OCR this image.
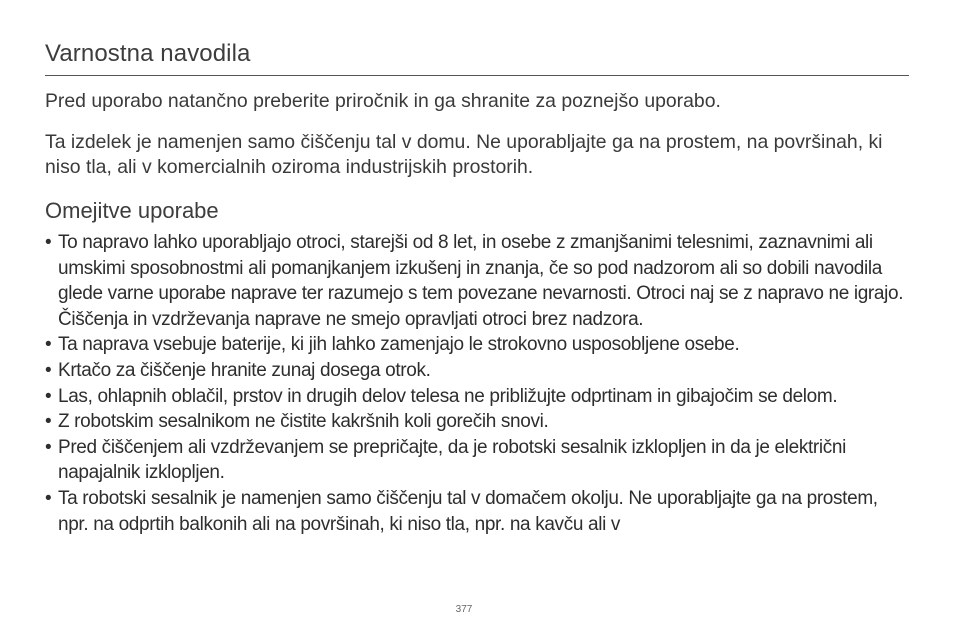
Varnostna navodila

Pred uporabo natančno preberite priročnik in ga shranite za poznejšo uporabo.

Ta izdelek je namenjen samo čiščenju tal v domu. Ne uporabljajte ga na prostem, na površinah, ki niso tla, ali v komercialnih oziroma industrijskih prostorih.

Omejitve uporabe
• To napravo lahko uporabljajo otroci, starejši od 8 let, in osebe z zmanjšanimi telesnimi, zaznavnimi ali umskimi sposobnostmi ali pomanjkanjem izkušenj in znanja, če so pod nadzorom ali so dobili navodila glede varne uporabe naprave ter razumejo s tem povezane nevarnosti. Otroci naj se z napravo ne igrajo. Čiščenja in vzdrževanja naprave ne smejo opravljati otroci brez nadzora.
• Ta naprava vsebuje baterije, ki jih lahko zamenjajo le strokovno usposobljene osebe.
• Krtačo za čiščenje hranite zunaj dosega otrok.
• Las, ohlapnih oblačil, prstov in drugih delov telesa ne približujte odprtinam in gibajočim se delom.
• Z robotskim sesalnikom ne čistite kakršnih koli gorečih snovi.
• Pred čiščenjem ali vzdrževanjem se prepričajte, da je robotski sesalnik izklopljen in da je električni napajalnik izklopljen.
• Ta robotski sesalnik je namenjen samo čiščenju tal v domačem okolju. Ne uporabljajte ga na prostem, npr. na odprtih balkonih ali na površinah, ki niso tla, npr. na kavču ali v
377
